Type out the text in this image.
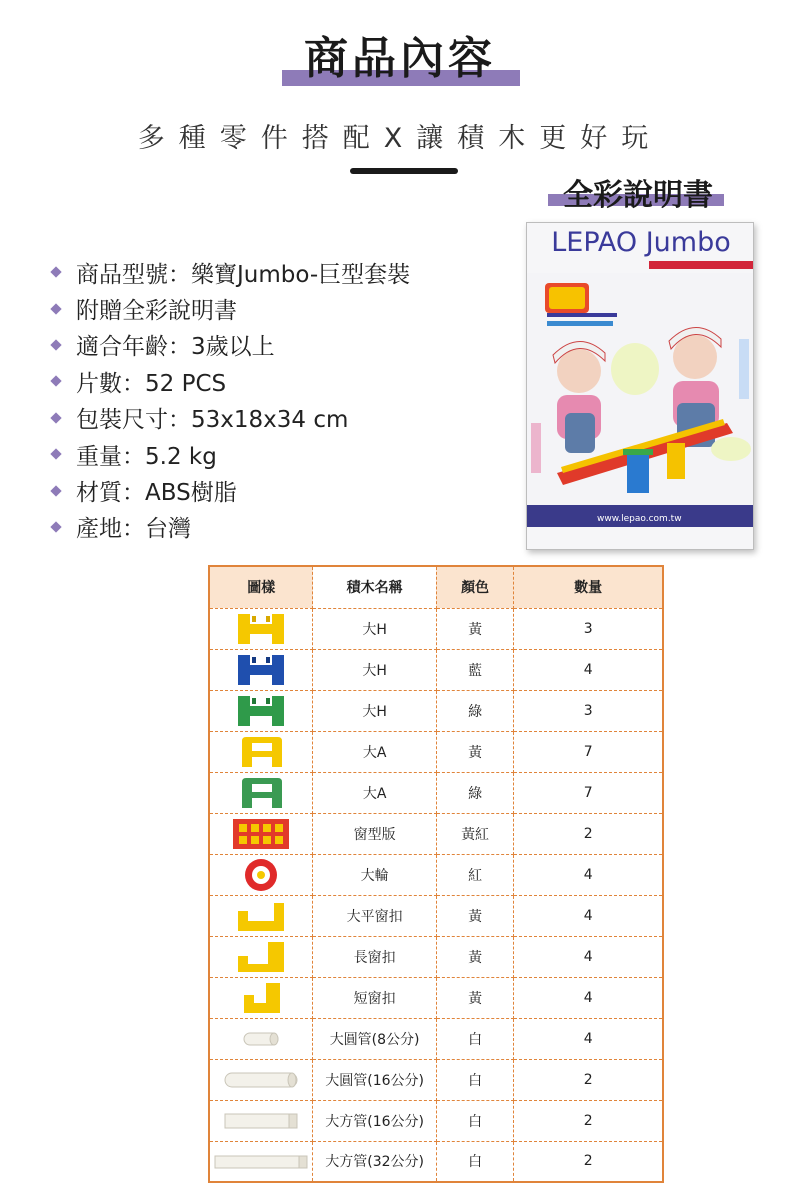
商品內容
多種零件搭配X讓積木更好玩
全彩說明書
商品型號：樂寶Jumbo-巨型套裝
附贈全彩說明書
適合年齡：3歲以上
片數：52 PCS
包裝尺寸：53x18x34 cm
重量：5.2 kg
材質：ABS樹脂
產地：台灣
LEPAO Jumbo
www.lepao.com.tw
圖樣	積木名稱	顏色	數量

	大H	黃	3

	大H	藍	4

	大H	綠	3

	大A	黃	7

	大A	綠	7

	窗型版	黃紅	2

	大輪	紅	4

	大平窗扣	黃	4

	長窗扣	黃	4

	短窗扣	黃	4

	大圓管(8公分)	白	4

	大圓管(16公分)	白	2

	大方管(16公分)	白	2

	大方管(32公分)	白	2
